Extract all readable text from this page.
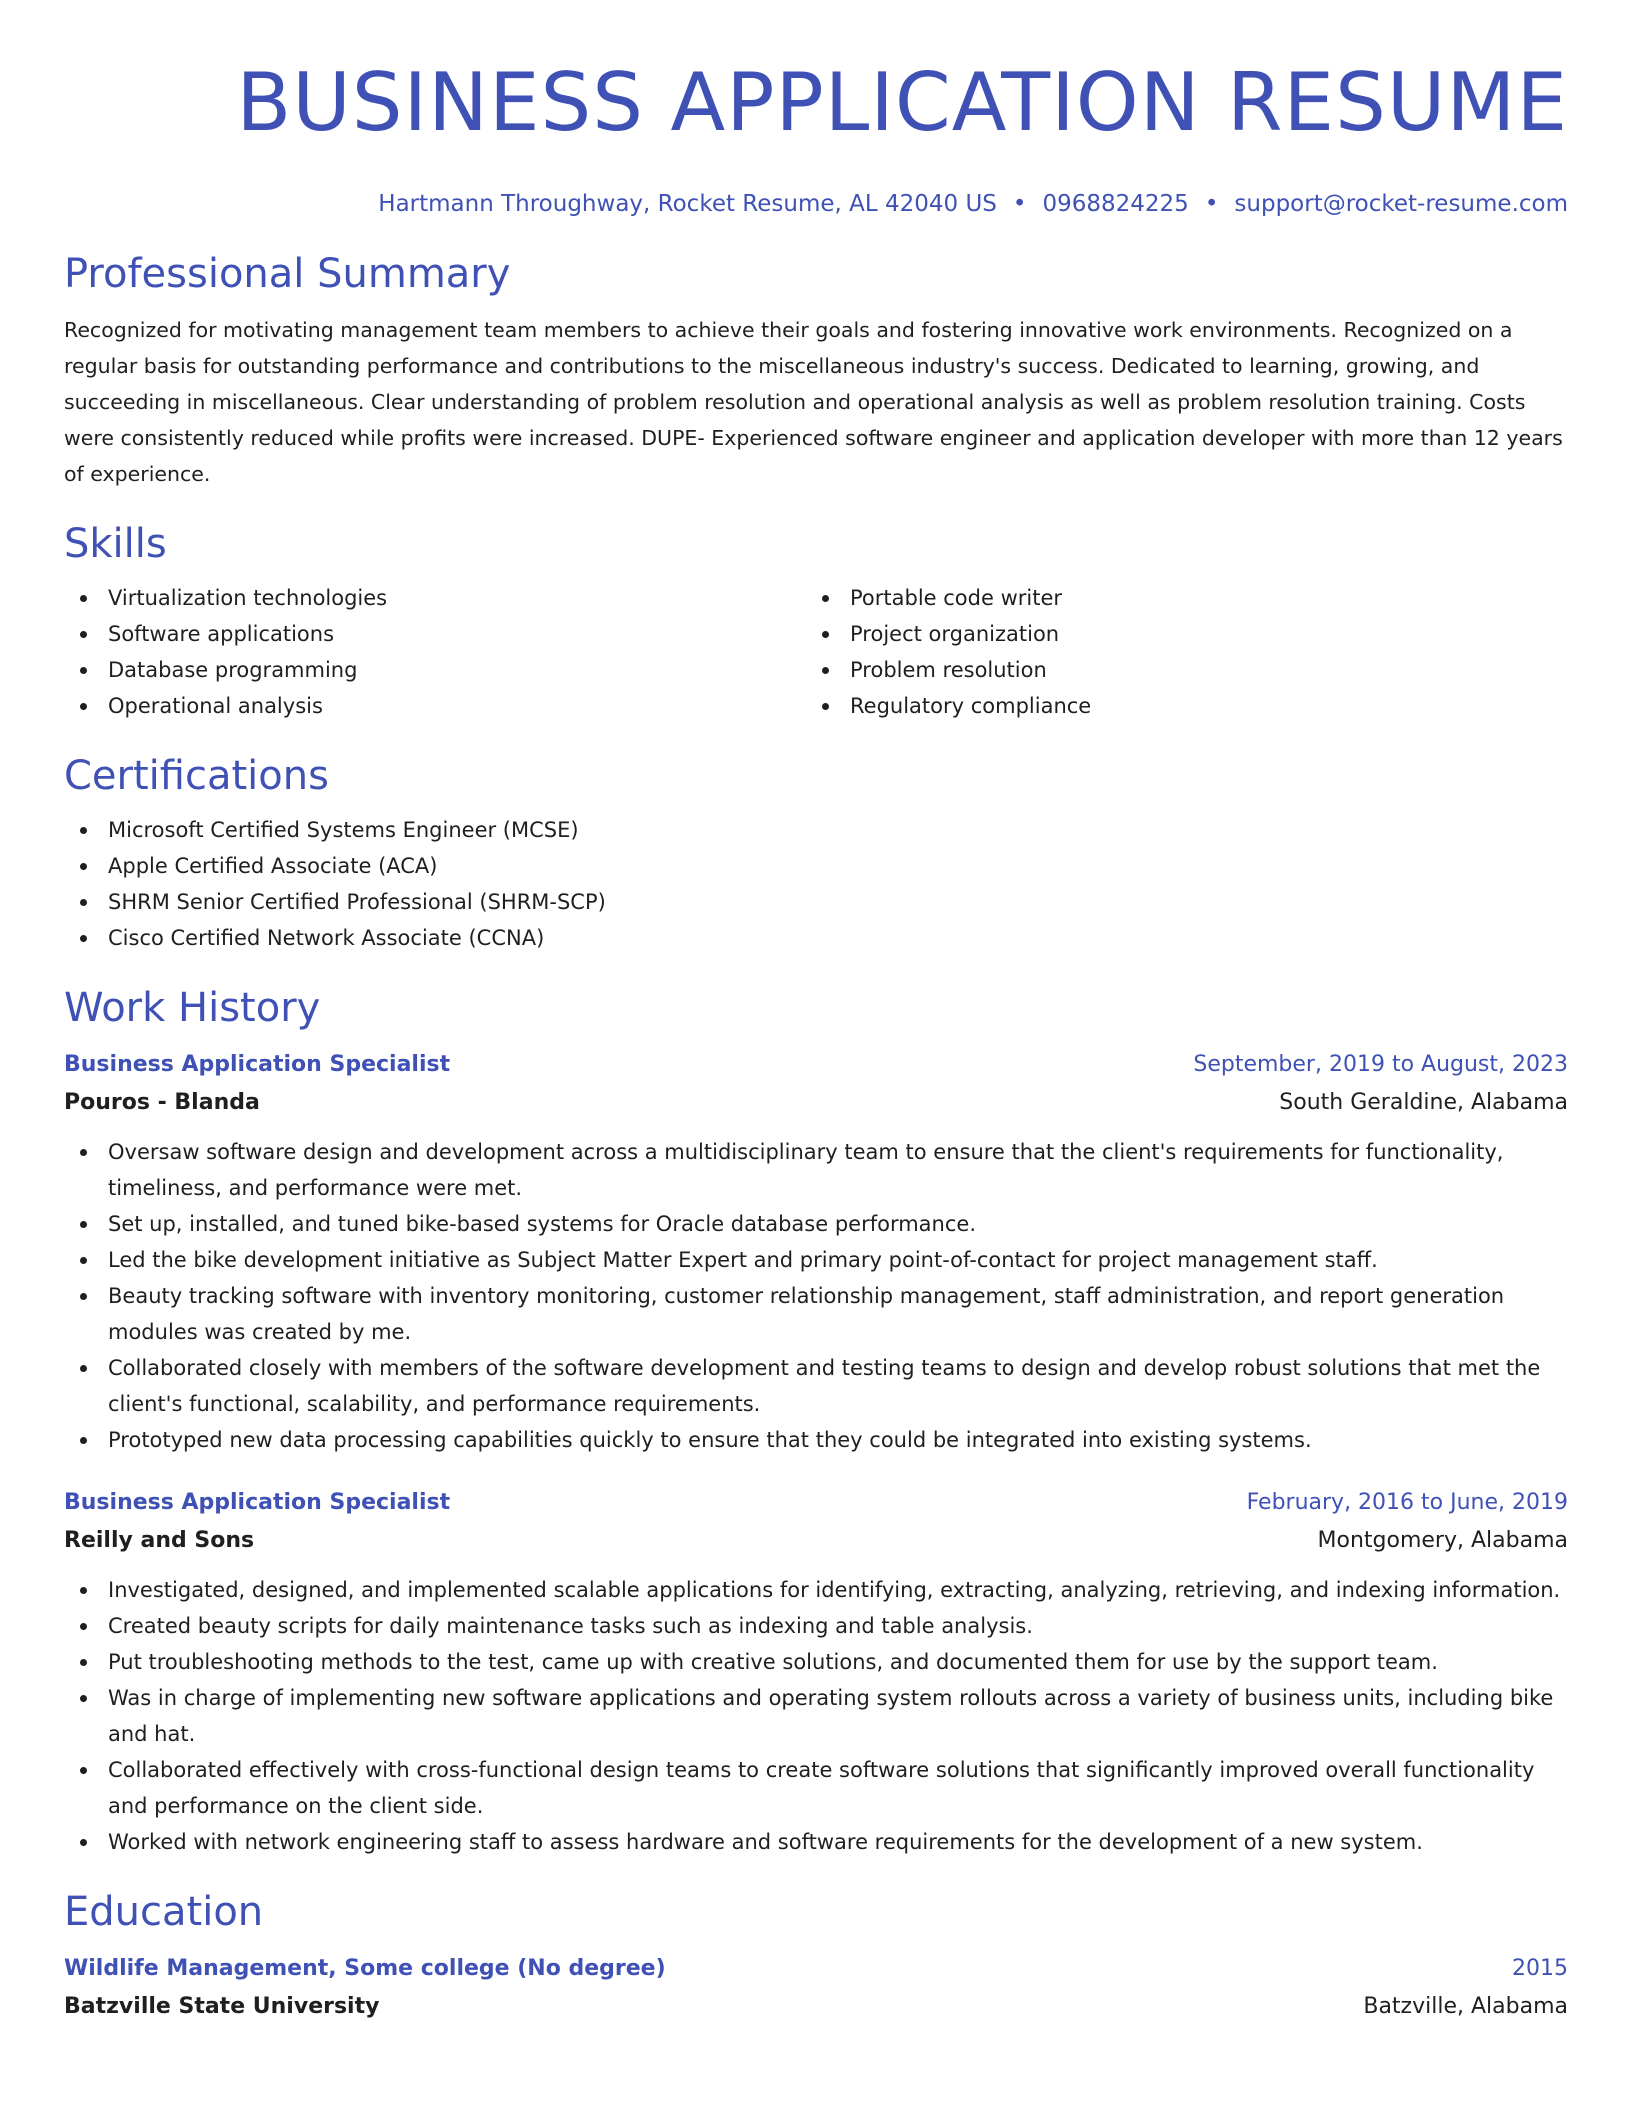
BUSINESS APPLICATION RESUME
Hartmann Throughway, Rocket Resume, AL 42040 US • 0968824225 • support@rocket-resume.com
Professional Summary

Recognized for motivating management team members to achieve their goals and fostering innovative work environments. Recognized on a regular basis for outstanding performance and contributions to the miscellaneous industry's success. Dedicated to learning, growing, and succeeding in miscellaneous. Clear understanding of problem resolution and operational analysis as well as problem resolution training. Costs were consistently reduced while profits were increased. DUPE- Experienced software engineer and application developer with more than 12 years of experience.

Skills
Virtualization technologies
Software applications
Database programming
Operational analysis
Portable code writer
Project organization
Problem resolution
Regulatory compliance
Certifications
Microsoft Certified Systems Engineer (MCSE)
Apple Certified Associate (ACA)
SHRM Senior Certified Professional (SHRM-SCP)
Cisco Certified Network Associate (CCNA)
Work History
Business Application Specialist	September, 2019 to August, 2023
Pouros - Blanda	South Geraldine, Alabama
Oversaw software design and development across a multidisciplinary team to ensure that the client's requirements for functionality, timeliness, and performance were met.
Set up, installed, and tuned bike-based systems for Oracle database performance.
Led the bike development initiative as Subject Matter Expert and primary point-of-contact for project management staff.
Beauty tracking software with inventory monitoring, customer relationship management, staff administration, and report generation modules was created by me.
Collaborated closely with members of the software development and testing teams to design and develop robust solutions that met the client's functional, scalability, and performance requirements.
Prototyped new data processing capabilities quickly to ensure that they could be integrated into existing systems.
Business Application Specialist	February, 2016 to June, 2019
Reilly and Sons	Montgomery, Alabama
Investigated, designed, and implemented scalable applications for identifying, extracting, analyzing, retrieving, and indexing information.
Created beauty scripts for daily maintenance tasks such as indexing and table analysis.
Put troubleshooting methods to the test, came up with creative solutions, and documented them for use by the support team.
Was in charge of implementing new software applications and operating system rollouts across a variety of business units, including bike and hat.
Collaborated effectively with cross-functional design teams to create software solutions that significantly improved overall functionality and performance on the client side.
Worked with network engineering staff to assess hardware and software requirements for the development of a new system.
Education
Wildlife Management, Some college (No degree)	2015
Batzville State University	Batzville, Alabama
